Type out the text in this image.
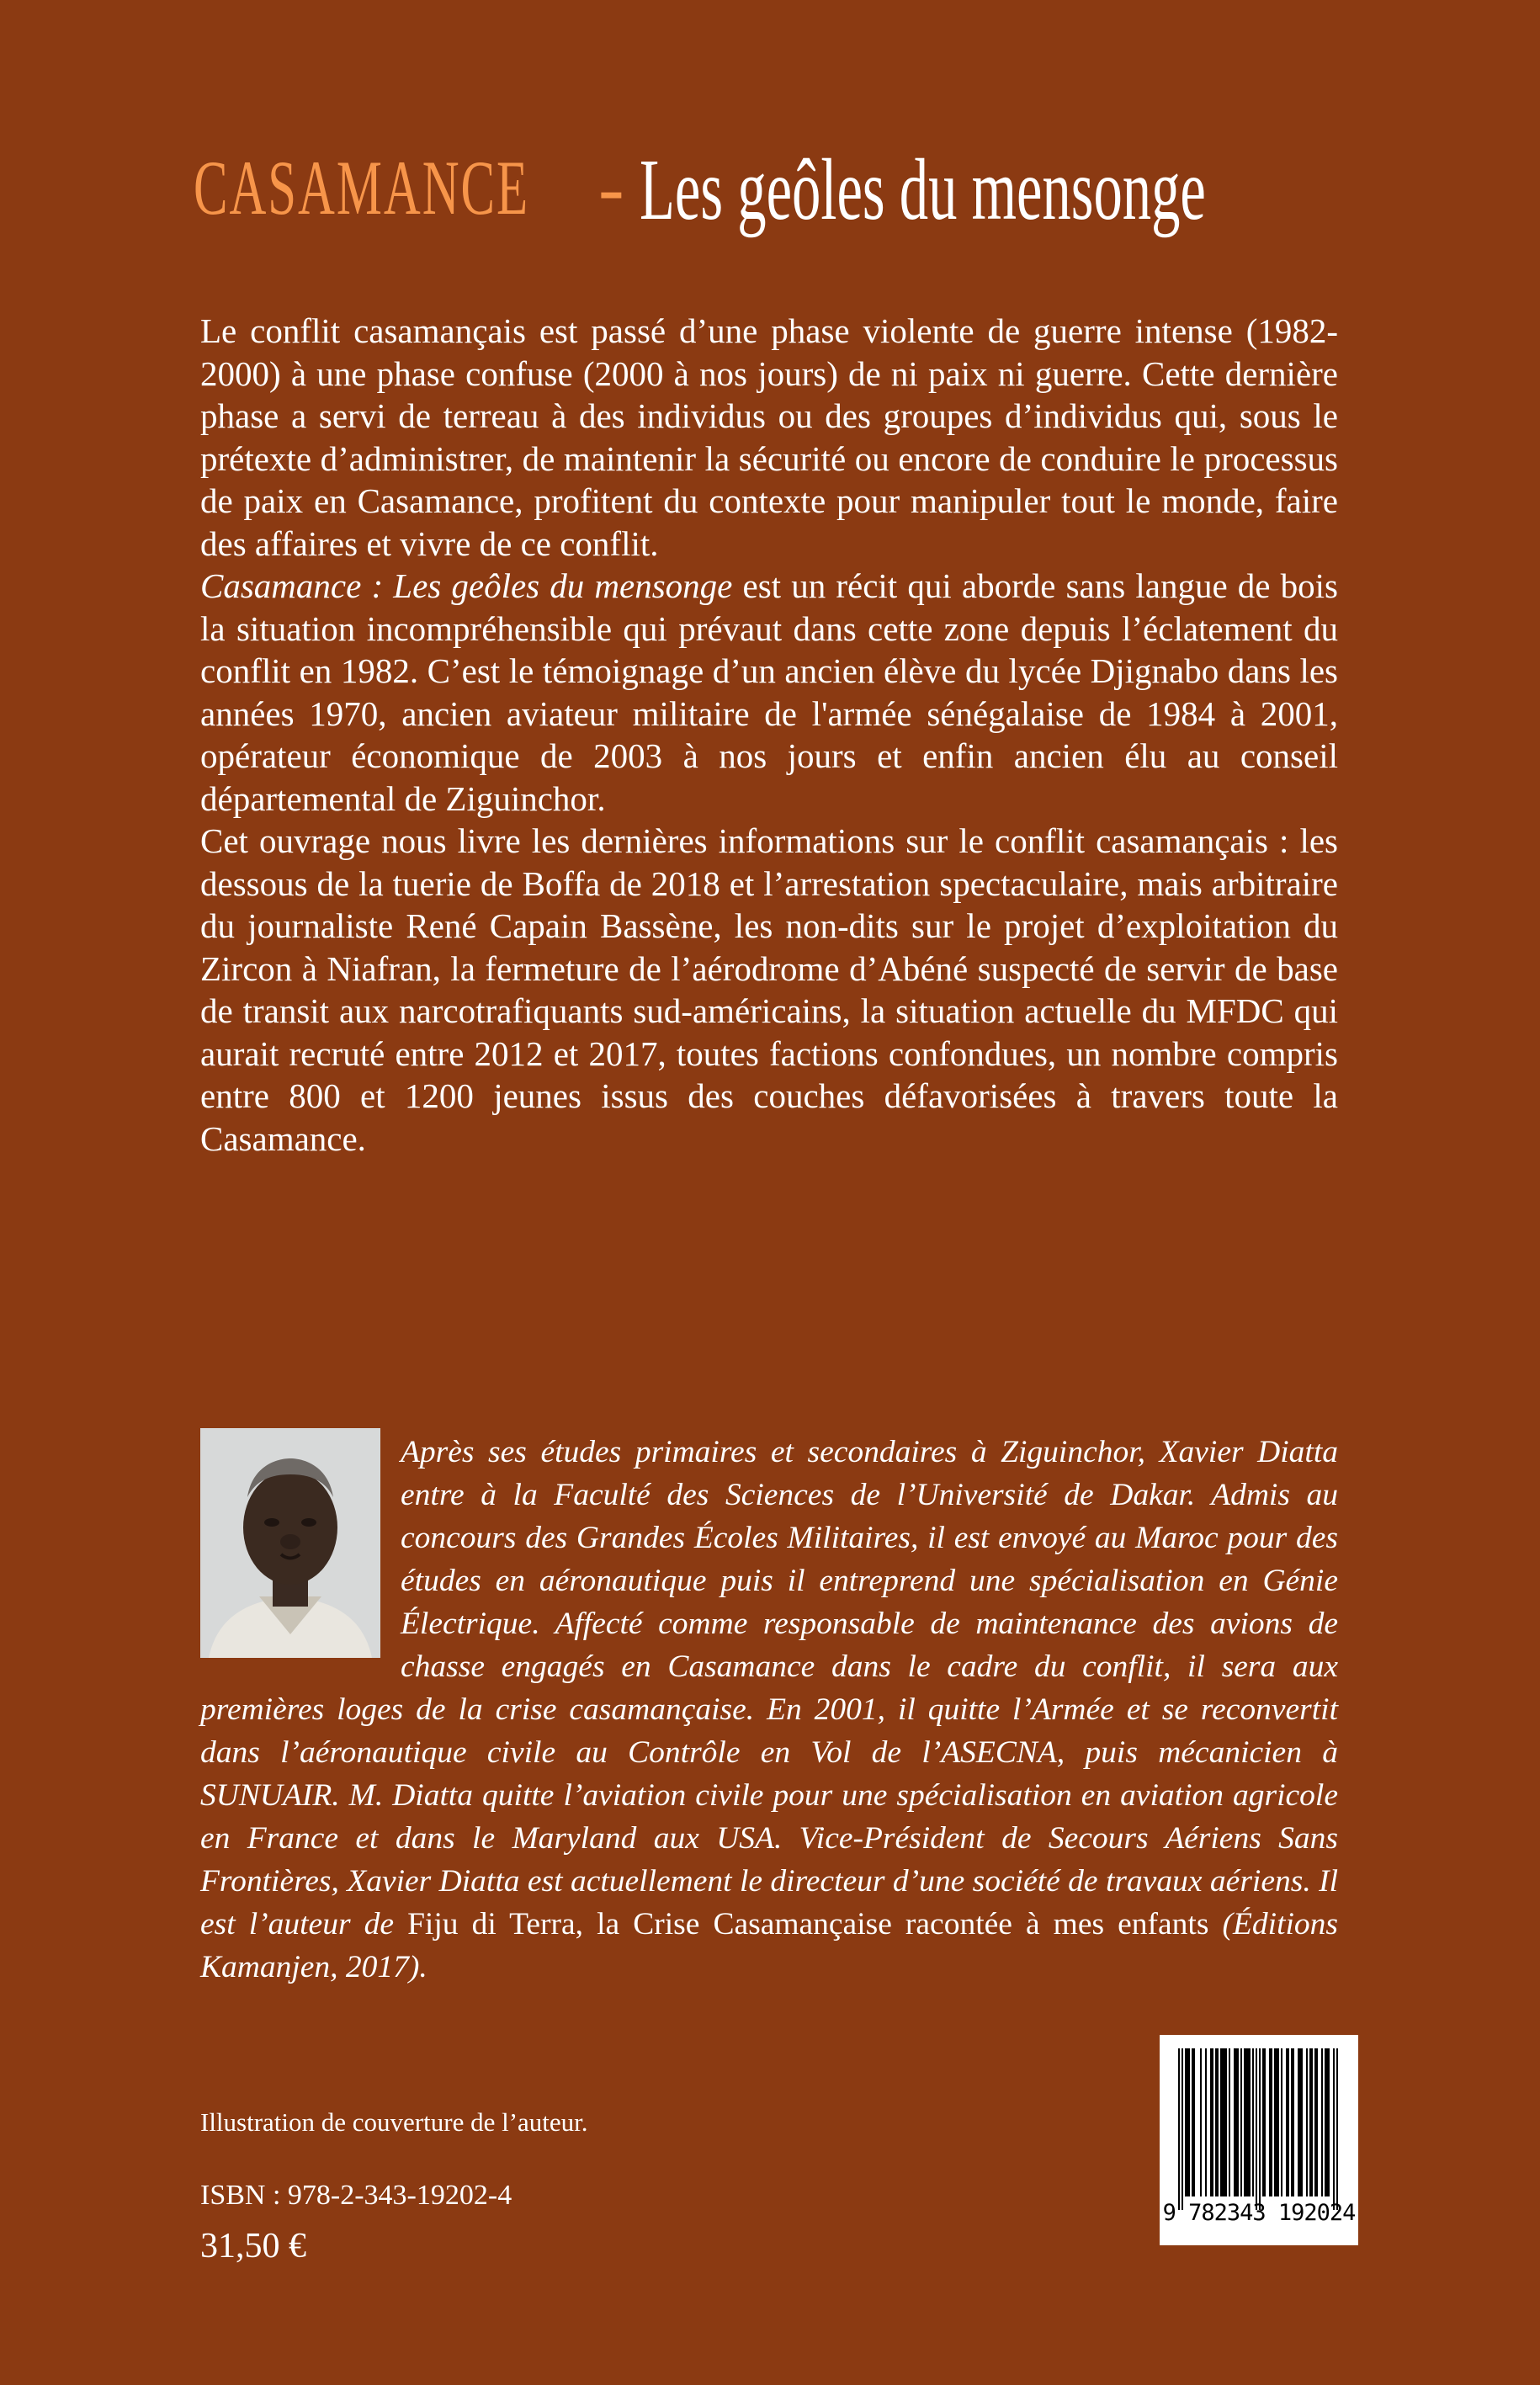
CASAMANCE -
Les geôles du mensonge

Le conflit casamançais est passé d’une phase violente de guerre intense (1982-2000) à une phase confuse (2000 à nos jours) de ni paix ni guerre. Cette dernière phase a servi de terreau à des individus ou des groupes d’individus qui, sous le prétexte d’administrer, de maintenir la sécurité ou encore de conduire le processus de paix en Casamance, profitent du contexte pour manipuler tout le monde, faire des affaires et vivre de ce conflit.

Casamance : Les geôles du mensonge est un récit qui aborde sans langue de bois la situation incompréhensible qui prévaut dans cette zone depuis l’éclatement du conflit en 1982. C’est le témoignage d’un ancien élève du lycée Djignabo dans les années 1970, ancien aviateur militaire de l'armée sénégalaise de 1984 à 2001, opérateur économique de 2003 à nos jours et enfin ancien élu au conseil départemental de Ziguinchor.

Cet ouvrage nous livre les dernières informations sur le conflit casamançais : les dessous de la tuerie de Boffa de 2018 et l’arrestation spectaculaire, mais arbitraire du journaliste René Capain Bassène, les non-dits sur le projet d’exploitation du Zircon à Niafran, la fermeture de l’aérodrome d’Abéné suspecté de servir de base de transit aux narcotrafiquants sud-américains, la situation actuelle du MFDC qui aurait recruté entre 2012 et 2017, toutes factions confondues, un nombre compris entre 800 et 1200 jeunes issus des couches défavorisées à travers toute la Casamance.

Après ses études primaires et secondaires à Ziguinchor, Xavier Diatta entre à la Faculté des Sciences de l’Université de Dakar. Admis au concours des Grandes Écoles Militaires, il est envoyé au Maroc pour des études en aéronautique puis il entreprend une spécialisation en Génie Électrique. Affecté comme responsable de maintenance des avions de chasse engagés en Casamance dans le cadre du conflit, il sera aux premières loges de la crise casamançaise. En 2001, il quitte l’Armée et se reconvertit dans l’aéronautique civile au Contrôle en Vol de l’ASECNA, puis mécanicien à SUNUAIR. M. Diatta quitte l’aviation civile pour une spécialisation en aviation agricole en France et dans le Maryland aux USA. Vice-Président de Secours Aériens Sans Frontières, Xavier Diatta est actuellement le directeur d’une société de travaux aériens. Il est l’auteur de Fiju di Terra, la Crise Casamançaise racontée à mes enfants (Éditions Kamanjen, 2017).
Illustration de couverture de l’auteur.
ISBN : 978-2-343-19202-4
31,50 €
9 782343 192024
